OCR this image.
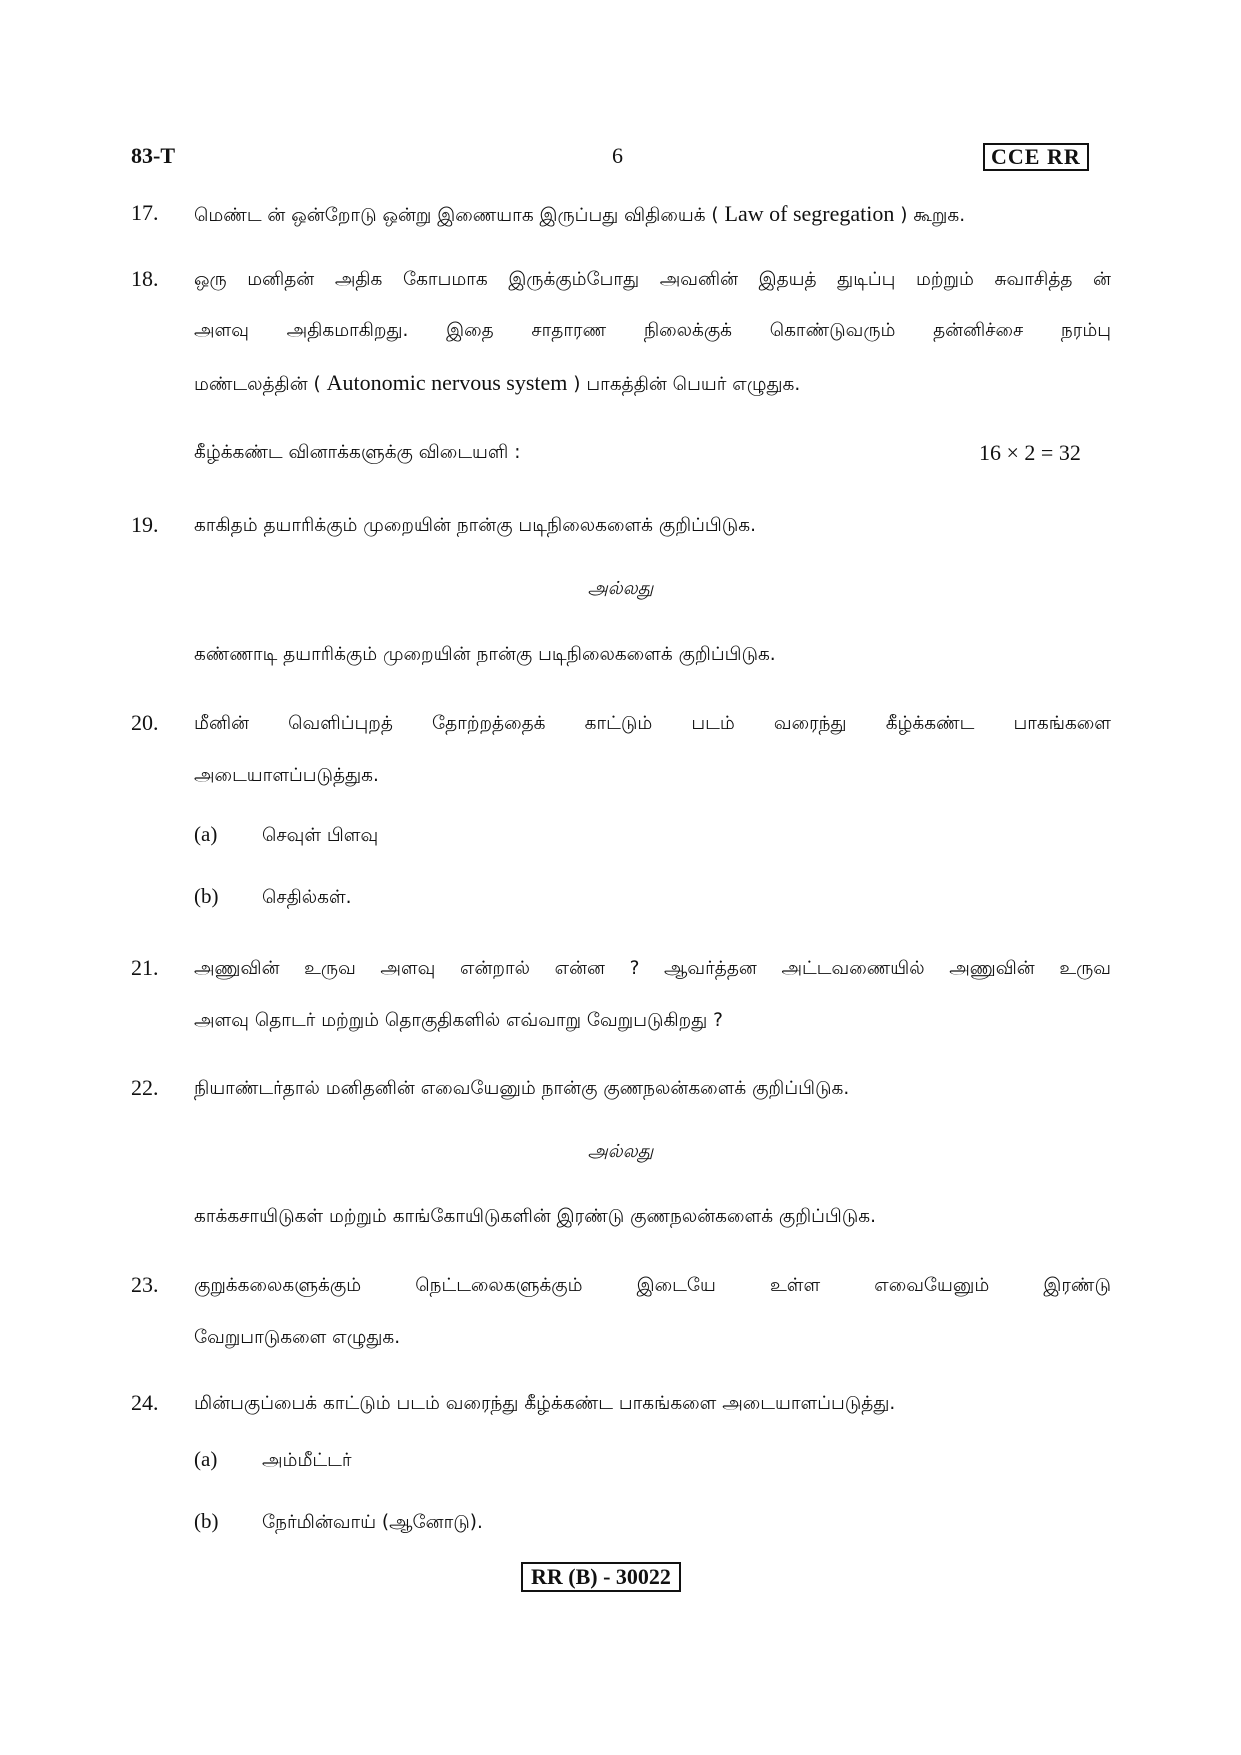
83-T	6	CCE RR
17. மெண்ட ன் ஒன்றோடு ஒன்று இணையாக இருப்பது விதியைக் ( Law of segregation ) கூறுக.
18. ஒரு மனிதன் அதிக கோபமாக இருக்கும்போது அவனின் இதயத் துடிப்பு மற்றும் சுவாசித்த ன்
அளவு அதிகமாகிறது. இதை சாதாரண நிலைக்குக் கொண்டுவரும் தன்னிச்சை நரம்பு
மண்டலத்தின் ( Autonomic nervous system ) பாகத்தின் பெயர் எழுதுக.
கீழ்க்கண்ட வினாக்களுக்கு விடையளி :	16 × 2 = 32
19. காகிதம் தயாரிக்கும் முறையின் நான்கு படிநிலைகளைக் குறிப்பிடுக.
அல்லது
கண்ணாடி தயாரிக்கும் முறையின் நான்கு படிநிலைகளைக் குறிப்பிடுக.
20. மீனின் வெளிப்புறத் தோற்றத்தைக் காட்டும் படம் வரைந்து கீழ்க்கண்ட பாகங்களை
அடையாளப்படுத்துக.
(a) செவுள் பிளவு
(b) செதில்கள்.
21. அணுவின் உருவ அளவு என்றால் என்ன ? ஆவர்த்தன அட்டவணையில் அணுவின் உருவ
அளவு தொடர் மற்றும் தொகுதிகளில் எவ்வாறு வேறுபடுகிறது ?
22. நியாண்டர்தால் மனிதனின் எவையேனும் நான்கு குணநலன்களைக் குறிப்பிடுக.
அல்லது
காக்கசாயிடுகள் மற்றும் காங்கோயிடுகளின் இரண்டு குணநலன்களைக் குறிப்பிடுக.
23. குறுக்கலைகளுக்கும் நெட்டலைகளுக்கும் இடையே உள்ள எவையேனும் இரண்டு
வேறுபாடுகளை எழுதுக.
24. மின்பகுப்பைக் காட்டும் படம் வரைந்து கீழ்க்கண்ட பாகங்களை அடையாளப்படுத்து.
(a) அம்மீட்டர்
(b) நேர்மின்வாய் (ஆனோடு).
RR (B) - 30022
